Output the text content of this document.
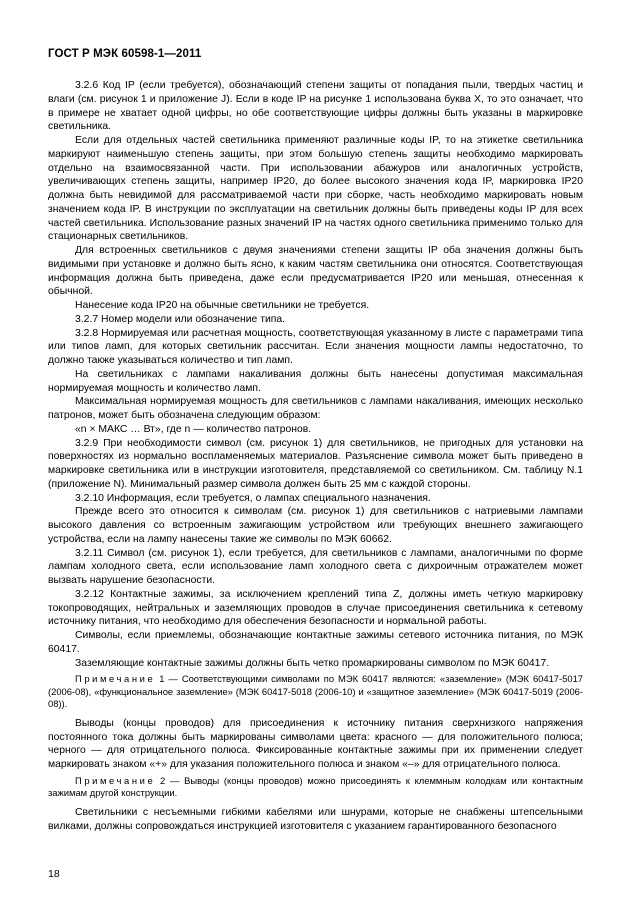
ГОСТ Р МЭК 60598-1—2011

3.2.6 Код IP (если требуется), обозначающий степени защиты от попадания пыли, твердых частиц и влаги (см. рисунок 1 и приложение J). Если в коде IP на рисунке 1 использована буква X, то это означает, что в примере не хватает одной цифры, но обе соответствующие цифры должны быть указаны в маркировке светильника.

Если для отдельных частей светильника применяют различные коды IP, то на этикетке светильника маркируют наименьшую степень защиты, при этом большую степень защиты необходимо маркировать отдельно на взаимосвязанной части. При использовании абажуров или аналогичных устройств, увеличивающих степень защиты, например IP20, до более высокого значения кода IP, маркировка IP20 должна быть невидимой для рассматриваемой части при сборке, часть необходимо маркировать новым значением кода IP. В инструкции по эксплуатации на светильник должны быть приведены коды IP для всех частей светильника. Использование разных значений IP на частях одного светильника применимо только для стационарных светильников.

Для встроенных светильников с двумя значениями степени защиты IP оба значения должны быть видимыми при установке и должно быть ясно, к каким частям светильника они относятся. Соответствующая информация должна быть приведена, даже если предусматривается IP20 или меньшая, отнесенная к обычной.

Нанесение кода IP20 на обычные светильники не требуется.

3.2.7 Номер модели или обозначение типа.

3.2.8 Нормируемая или расчетная мощность, соответствующая указанному в листе с параметрами типа или типов ламп, для которых светильник рассчитан. Если значения мощности лампы недостаточно, то должно также указываться количество и тип ламп.

На светильниках с лампами накаливания должны быть нанесены допустимая максимальная нормируемая мощность и количество ламп.

Максимальная нормируемая мощность для светильников с лампами накаливания, имеющих несколько патронов, может быть обозначена следующим образом:

«n × МАКС … Вт», где n — количество патронов.

3.2.9 При необходимости символ (см. рисунок 1) для светильников, не пригодных для установки на поверхностях из нормально воспламеняемых материалов. Разъяснение символа может быть приведено в маркировке светильника или в инструкции изготовителя, представляемой со светильником. См. таблицу N.1 (приложение N). Минимальный размер символа должен быть 25 мм с каждой стороны.

3.2.10 Информация, если требуется, о лампах специального назначения.

Прежде всего это относится к символам (см. рисунок 1) для светильников с натриевыми лампами высокого давления со встроенным зажигающим устройством или требующих внешнего зажигающего устройства, если на лампу нанесены такие же символы по МЭК 60662.

3.2.11 Символ (см. рисунок 1), если требуется, для светильников с лампами, аналогичными по форме лампам холодного света, если использование ламп холодного света с дихроичным отражателем может вызвать нарушение безопасности.

3.2.12 Контактные зажимы, за исключением креплений типа Z, должны иметь четкую маркировку токопроводящих, нейтральных и заземляющих проводов в случае присоединения светильника к сетевому источнику питания, что необходимо для обеспечения безопасности и нормальной работы.

Символы, если приемлемы, обозначающие контактные зажимы сетевого источника питания, по МЭК 60417.

Заземляющие контактные зажимы должны быть четко промаркированы символом по МЭК 60417.

Примечание 1 — Соответствующими символами по МЭК 60417 являются: «заземление» (МЭК 60417-5017 (2006-08), «функциональное заземление» (МЭК 60417-5018 (2006-10) и «защитное заземление» (МЭК 60417-5019 (2006-08)).

Выводы (концы проводов) для присоединения к источнику питания сверхнизкого напряжения постоянного тока должны быть маркированы символами цвета: красного — для положительного полюса; черного — для отрицательного полюса. Фиксированные контактные зажимы при их применении следует маркировать знаком «+» для указания положительного полюса и знаком «–» для отрицательного полюса.

Примечание 2 — Выводы (концы проводов) можно присоединять к клеммным колодкам или контактным зажимам другой конструкции.

Светильники с несъемными гибкими кабелями или шнурами, которые не снабжены штепсельными вилками, должны сопровождаться инструкцией изготовителя с указанием гарантированного безопасного

18
